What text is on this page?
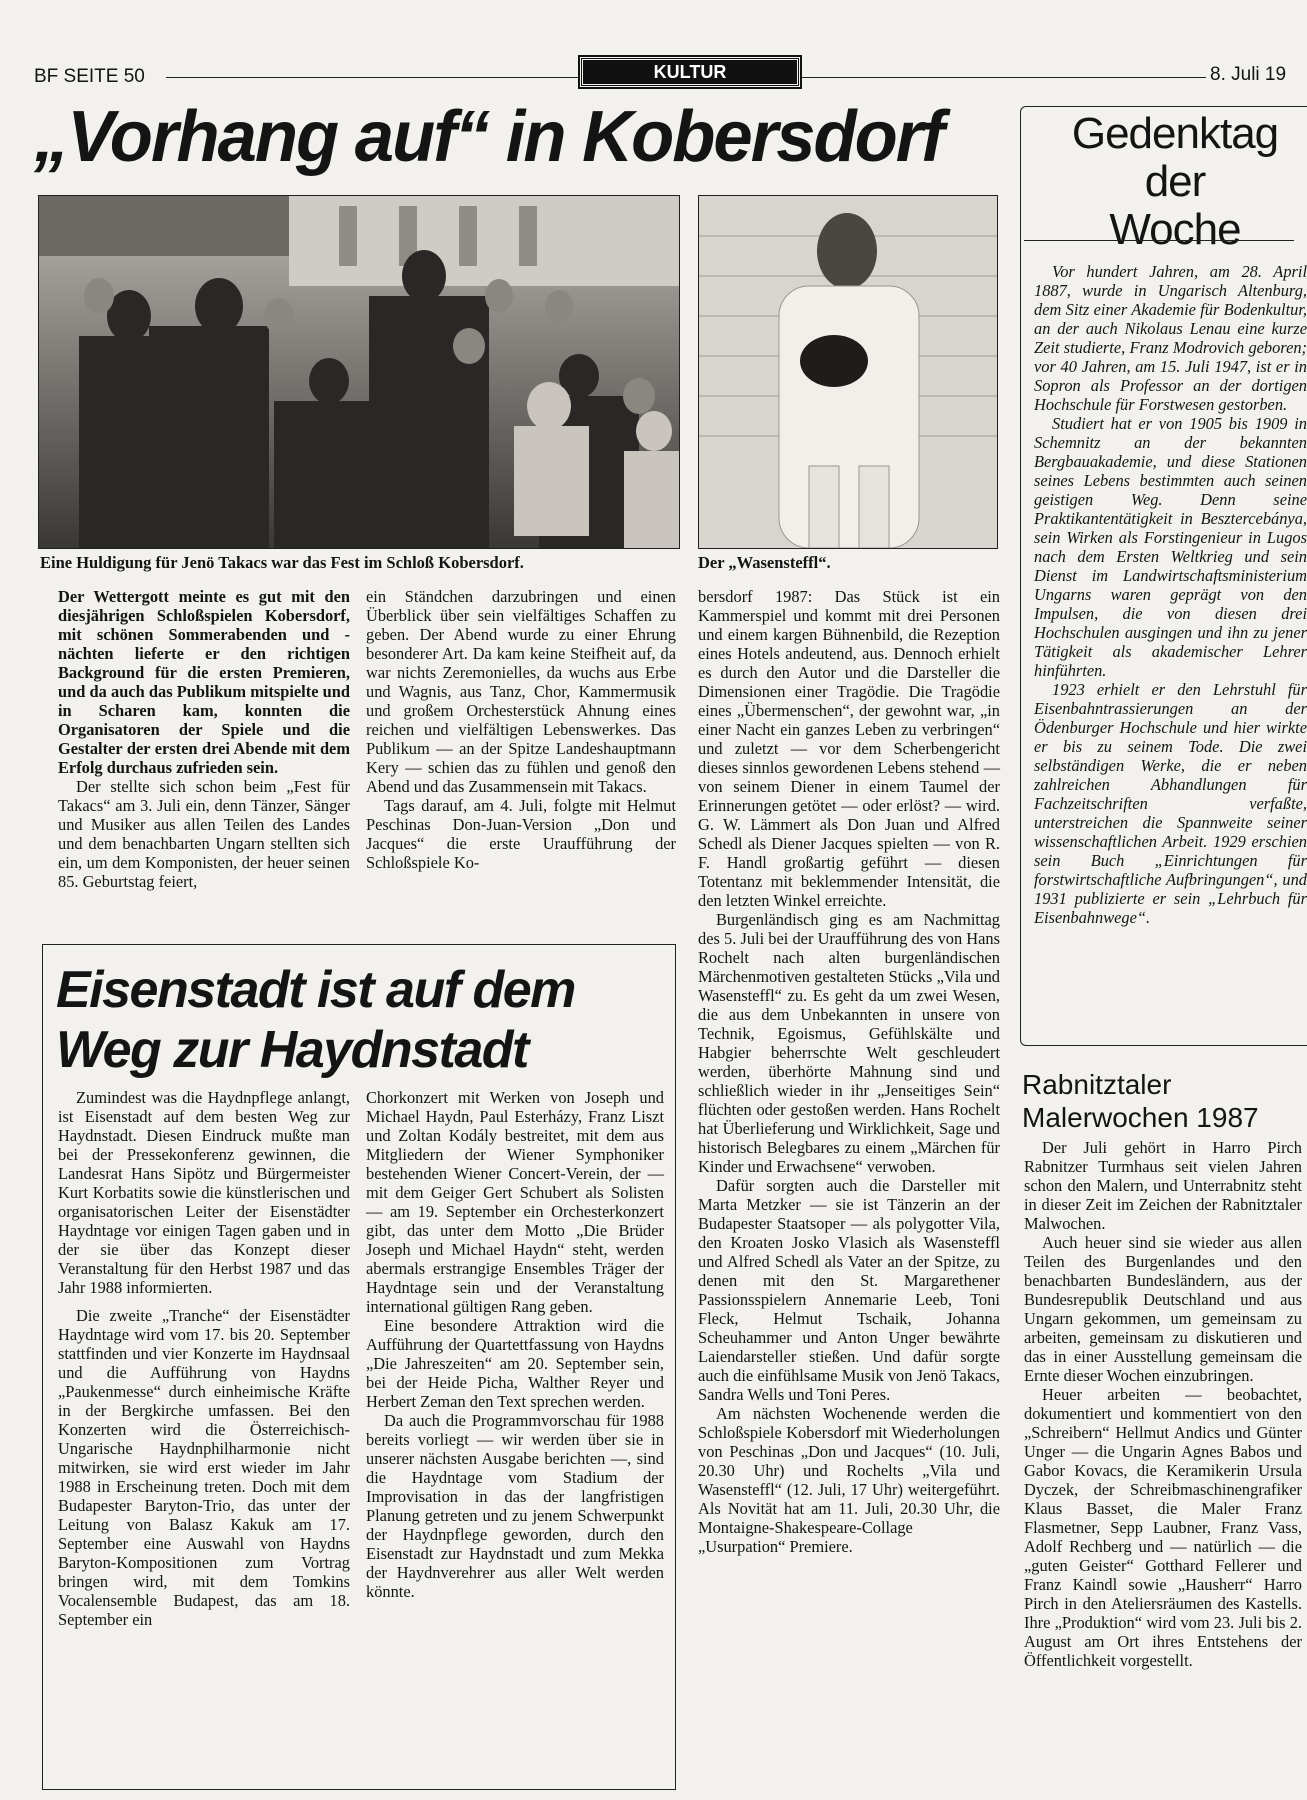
BF SEITE 50	KULTUR	8. Juli 19
„Vorhang auf“ in Kobersdorf
Eine Huldigung für Jenö Takacs war das Fest im Schloß Kobersdorf.	Der „Wasensteffl“.

Der Wettergott meinte es gut mit den diesjährigen Schloßspielen Kobersdorf, mit schönen Sommerabenden und -nächten lieferte er den richtigen Background für die ersten Premieren, und da auch das Publikum mitspielte und in Scharen kam, konnten die Organisatoren der Spiele und die Gestalter der ersten drei Abende mit dem Erfolg durchaus zufrieden sein.

Der stellte sich schon beim „Fest für Takacs“ am 3. Juli ein, denn Tänzer, Sänger und Musiker aus allen Teilen des Landes und dem benachbarten Ungarn stellten sich ein, um dem Komponisten, der heuer seinen 85. Geburtstag feiert,

ein Ständchen darzubringen und einen Überblick über sein vielfältiges Schaffen zu geben. Der Abend wurde zu einer Ehrung besonderer Art. Da kam keine Steifheit auf, da war nichts Zeremonielles, da wuchs aus Erbe und Wagnis, aus Tanz, Chor, Kammermusik und großem Orchesterstück Ahnung eines reichen und vielfältigen Lebenswerkes. Das Publikum — an der Spitze Landeshauptmann Kery — schien das zu fühlen und genoß den Abend und das Zusammensein mit Takacs.

Tags darauf, am 4. Juli, folgte mit Helmut Peschinas Don-Juan-Version „Don und Jacques“ die erste Uraufführung der Schloßspiele Ko-

bersdorf 1987: Das Stück ist ein Kammerspiel und kommt mit drei Personen und einem kargen Bühnenbild, die Rezeption eines Hotels andeutend, aus. Dennoch erhielt es durch den Autor und die Darsteller die Dimensionen einer Tragödie. Die Tragödie eines „Übermenschen“, der gewohnt war, „in einer Nacht ein ganzes Leben zu verbringen“ und zuletzt — vor dem Scherbengericht dieses sinnlos gewordenen Lebens stehend — von seinem Diener in einem Taumel der Erinnerungen getötet — oder erlöst? — wird. G. W. Lämmert als Don Juan und Alfred Schedl als Diener Jacques spielten — von R. F. Handl großartig geführt — diesen Totentanz mit beklemmender Intensität, die den letzten Winkel erreichte.

Burgenländisch ging es am Nachmittag des 5. Juli bei der Uraufführung des von Hans Rochelt nach alten burgenländischen Märchenmotiven gestalteten Stücks „Vila und Wasensteffl“ zu. Es geht da um zwei Wesen, die aus dem Unbekannten in unsere von Technik, Egoismus, Gefühlskälte und Habgier beherrschte Welt geschleudert werden, überhörte Mahnung sind und schließlich wieder in ihr „Jenseitiges Sein“ flüchten oder gestoßen werden. Hans Rochelt hat Überlieferung und Wirklichkeit, Sage und historisch Belegbares zu einem „Märchen für Kinder und Erwachsene“ verwoben.

Dafür sorgten auch die Darsteller mit Marta Metzker — sie ist Tänzerin an der Budapester Staatsoper — als polygotter Vila, den Kroaten Josko Vlasich als Wasensteffl und Alfred Schedl als Vater an der Spitze, zu denen mit den St. Margarethener Passionsspielern Annemarie Leeb, Toni Fleck, Helmut Tschaik, Johanna Scheuhammer und Anton Unger bewährte Laiendarsteller stießen. Und dafür sorgte auch die einfühlsame Musik von Jenö Takacs, Sandra Wells und Toni Peres.

Am nächsten Wochenende werden die Schloßspiele Kobersdorf mit Wiederholungen von Peschinas „Don und Jacques“ (10. Juli, 20.30 Uhr) und Rochelts „Vila und Wasensteffl“ (12. Juli, 17 Uhr) weitergeführt. Als Novität hat am 11. Juli, 20.30 Uhr, die Montaigne-Shakespeare-Collage „Usurpation“ Premiere.

Eisenstadt ist auf dem
Weg zur Haydnstadt

Zumindest was die Haydnpflege anlangt, ist Eisenstadt auf dem besten Weg zur Haydnstadt. Diesen Eindruck mußte man bei der Pressekonferenz gewinnen, die Landesrat Hans Sipötz und Bürgermeister Kurt Korbatits sowie die künstlerischen und organisatorischen Leiter der Eisenstädter Haydntage vor einigen Tagen gaben und in der sie über das Konzept dieser Veranstaltung für den Herbst 1987 und das Jahr 1988 informierten.

Die zweite „Tranche“ der Eisenstädter Haydntage wird vom 17. bis 20. September stattfinden und vier Konzerte im Haydnsaal und die Aufführung von Haydns „Paukenmesse“ durch einheimische Kräfte in der Bergkirche umfassen. Bei den Konzerten wird die Österreichisch-Ungarische Haydnphilharmonie nicht mitwirken, sie wird erst wieder im Jahr 1988 in Erscheinung treten. Doch mit dem Budapester Baryton-Trio, das unter der Leitung von Balasz Kakuk am 17. September eine Auswahl von Haydns Baryton-Kompositionen zum Vortrag bringen wird, mit dem Tomkins Vocalensemble Budapest, das am 18. September ein

Chorkonzert mit Werken von Joseph und Michael Haydn, Paul Esterházy, Franz Liszt und Zoltan Kodály bestreitet, mit dem aus Mitgliedern der Wiener Symphoniker bestehenden Wiener Concert-Verein, der — mit dem Geiger Gert Schubert als Solisten — am 19. September ein Orchesterkonzert gibt, das unter dem Motto „Die Brüder Joseph und Michael Haydn“ steht, werden abermals erstrangige Ensembles Träger der Haydntage sein und der Veranstaltung international gültigen Rang geben.

Eine besondere Attraktion wird die Aufführung der Quartettfassung von Haydns „Die Jahreszeiten“ am 20. September sein, bei der Heide Picha, Walther Reyer und Herbert Zeman den Text sprechen werden.

Da auch die Programmvorschau für 1988 bereits vorliegt — wir werden über sie in unserer nächsten Ausgabe berichten —, sind die Haydntage vom Stadium der Improvisation in das der langfristigen Planung getreten und zu jenem Schwerpunkt der Haydnpflege geworden, durch den Eisenstadt zur Haydnstadt und zum Mekka der Haydnverehrer aus aller Welt werden könnte.

Gedenktag
der
Woche

Vor hundert Jahren, am 28. April 1887, wurde in Ungarisch Altenburg, dem Sitz einer Akademie für Bodenkultur, an der auch Nikolaus Lenau eine kurze Zeit studierte, Franz Modrovich geboren; vor 40 Jahren, am 15. Juli 1947, ist er in Sopron als Professor an der dortigen Hochschule für Forstwesen gestorben.

Studiert hat er von 1905 bis 1909 in Schemnitz an der bekannten Bergbauakademie, und diese Stationen seines Lebens bestimmten auch seinen geistigen Weg. Denn seine Praktikantentätigkeit in Besztercebánya, sein Wirken als Forstingenieur in Lugos nach dem Ersten Weltkrieg und sein Dienst im Landwirtschaftsministerium Ungarns waren geprägt von den Impulsen, die von diesen drei Hochschulen ausgingen und ihn zu jener Tätigkeit als akademischer Lehrer hinführten.

1923 erhielt er den Lehrstuhl für Eisenbahntrassierungen an der Ödenburger Hochschule und hier wirkte er bis zu seinem Tode. Die zwei selbständigen Werke, die er neben zahlreichen Abhandlungen für Fachzeitschriften verfaßte, unterstreichen die Spannweite seiner wissenschaftlichen Arbeit. 1929 erschien sein Buch „Einrichtungen für forstwirtschaftliche Aufbringungen“, und 1931 publizierte er sein „Lehrbuch für Eisenbahnwege“.

Rabnitztaler
Malerwochen 1987

Der Juli gehört in Harro Pirch Rabnitzer Turmhaus seit vielen Jahren schon den Malern, und Unterrabnitz steht in dieser Zeit im Zeichen der Rabnitztaler Malwochen.

Auch heuer sind sie wieder aus allen Teilen des Burgenlandes und den benachbarten Bundesländern, aus der Bundesrepublik Deutschland und aus Ungarn gekommen, um gemeinsam zu arbeiten, gemeinsam zu diskutieren und das in einer Ausstellung gemeinsam die Ernte dieser Wochen einzubringen.

Heuer arbeiten — beobachtet, dokumentiert und kommentiert von den „Schreibern“ Hellmut Andics und Günter Unger — die Ungarin Agnes Babos und Gabor Kovacs, die Keramikerin Ursula Dyczek, der Schreibmaschinengrafiker Klaus Basset, die Maler Franz Flasmetner, Sepp Laubner, Franz Vass, Adolf Rechberg und — natürlich — die „guten Geister“ Gotthard Fellerer und Franz Kaindl sowie „Hausherr“ Harro Pirch in den Ateliersräumen des Kastells. Ihre „Produktion“ wird vom 23. Juli bis 2. August am Ort ihres Entstehens der Öffentlichkeit vorgestellt.
